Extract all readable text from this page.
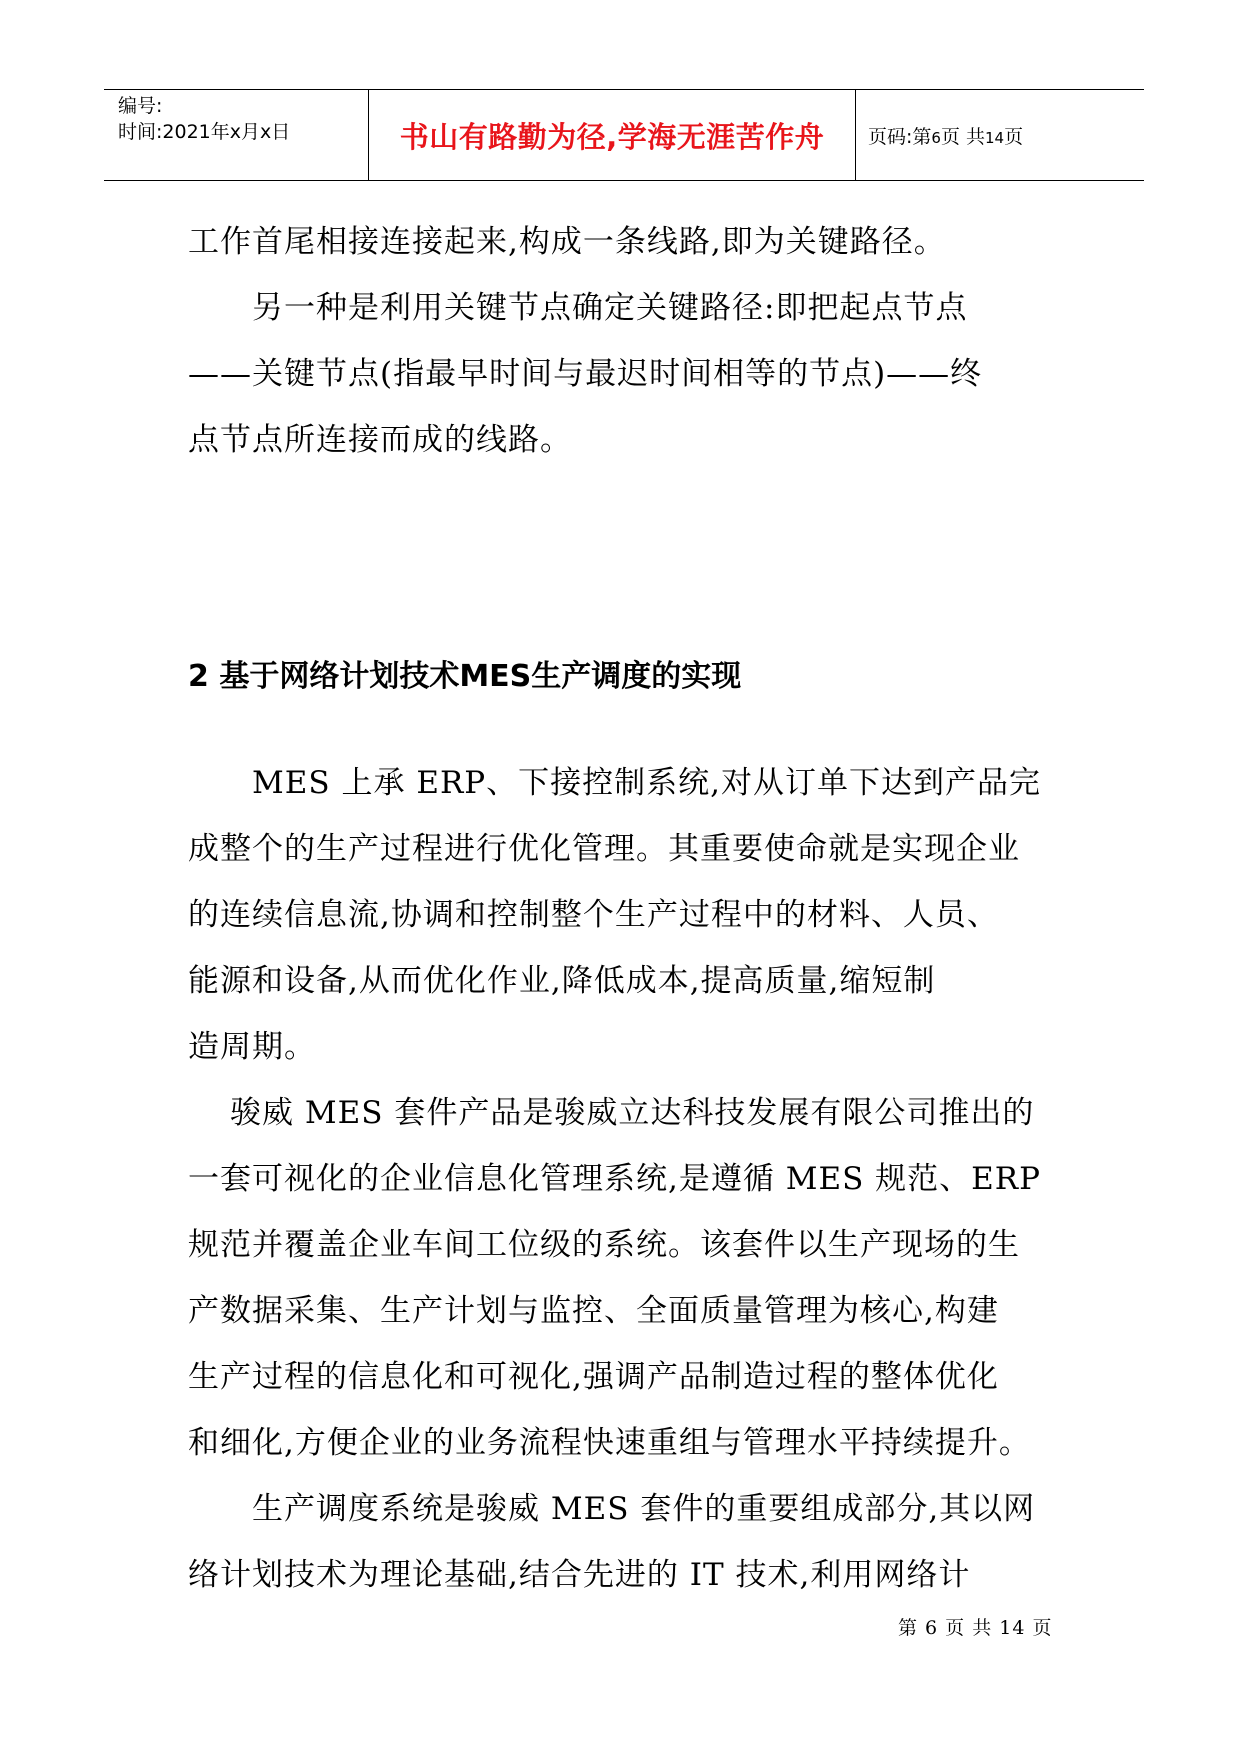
编号:
时间:2021年x月x日	书山有路勤为径,学海无涯苦作舟 页码:第6页 共14页
工作首尾相接连接起来,构成一条线路,即为关键路径。
另一种是利用关键节点确定关键路径:即把起点节点
——关键节点(指最早时间与最迟时间相等的节点)——终
点节点所连接而成的线路。
2 基于网络计划技术MES生产调度的实现
MES 上承 ERP、下接控制系统,对从订单下达到产品完
成整个的生产过程进行优化管理。其重要使命就是实现企业
的连续信息流,协调和控制整个生产过程中的材料、人员、
能源和设备,从而优化作业,降低成本,提高质量,缩短制
造周期。
骏威 MES 套件产品是骏威立达科技发展有限公司推出的
一套可视化的企业信息化管理系统,是遵循 MES 规范、ERP
规范并覆盖企业车间工位级的系统。该套件以生产现场的生
产数据采集、生产计划与监控、全面质量管理为核心,构建
生产过程的信息化和可视化,强调产品制造过程的整体优化
和细化,方便企业的业务流程快速重组与管理水平持续提升。
生产调度系统是骏威 MES 套件的重要组成部分,其以网
络计划技术为理论基础,结合先进的 IT 技术,利用网络计
第 6 页 共 14 页
